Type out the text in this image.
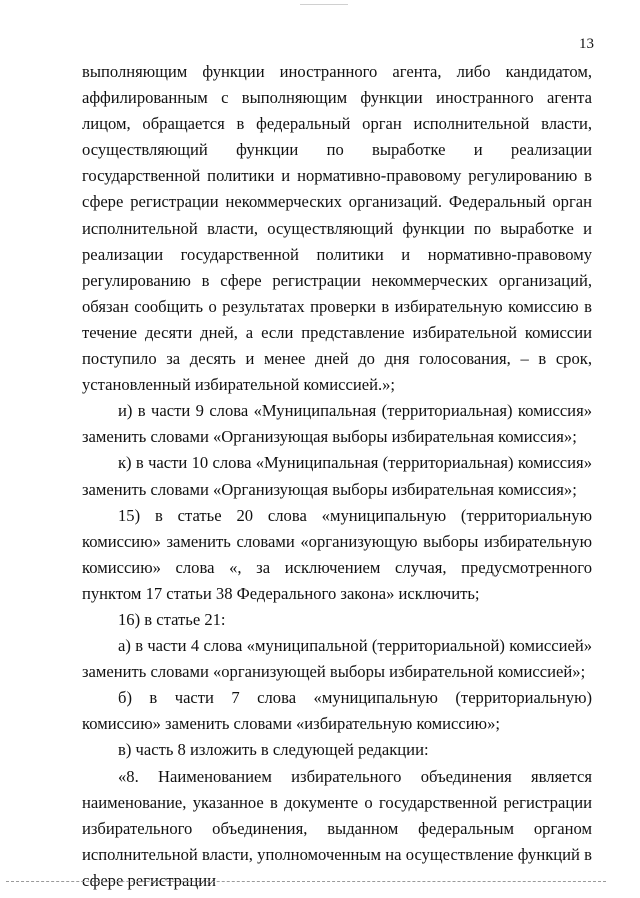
13

выполняющим функции иностранного агента, либо кандидатом, аффилированным с выполняющим функции иностранного агента лицом, обращается в федеральный орган исполнительной власти, осуществляющий функции по выработке и реализации государственной политики и нормативно-правовому регулированию в сфере регистрации некоммерческих организаций. Федеральный орган исполнительной власти, осуществляющий функции по выработке и реализации государственной политики и нормативно-правовому регулированию в сфере регистрации некоммерческих организаций, обязан сообщить о результатах проверки в избирательную комиссию в течение десяти дней, а если представление избирательной комиссии поступило за десять и менее дней до дня голосования, – в срок, установленный избирательной комиссией.»;

и) в части 9 слова «Муниципальная (территориальная) комиссия» заменить словами «Организующая выборы избирательная комиссия»;

к) в части 10 слова «Муниципальная (территориальная) комиссия» заменить словами «Организующая выборы избирательная комиссия»;

15) в статье 20 слова «муниципальную (территориальную комиссию» заменить словами «организующую выборы избирательную комиссию» слова «, за исключением случая, предусмотренного пунктом 17 статьи 38 Федерального закона» исключить;

16) в статье 21:

а) в части 4 слова «муниципальной (территориальной) комиссией» заменить словами «организующей выборы избирательной комиссией»;

б) в части 7 слова «муниципальную (территориальную) комиссию» заменить словами «избирательную комиссию»;

в) часть 8 изложить в следующей редакции:

«8. Наименованием избирательного объединения является наименование, указанное в документе о государственной регистрации избирательного объединения, выданном федеральным органом исполнительной власти, уполномоченным на осуществление функций в сфере регистрации
